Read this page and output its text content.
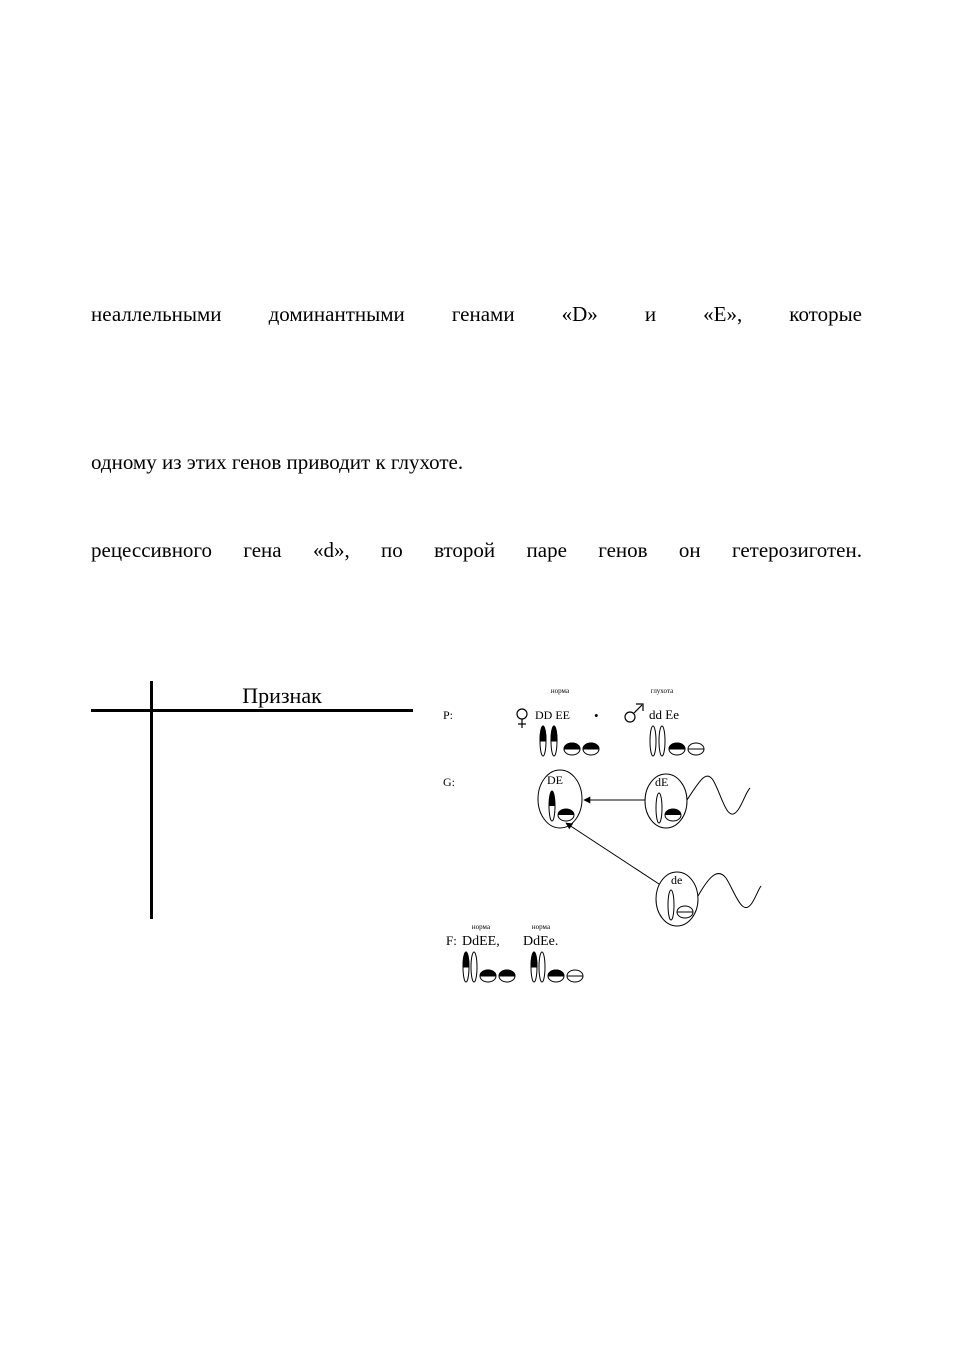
неаллельными доминантными генами «D» и «E», которые
одному из этих генов приводит к глухоте.
рецессивного гена «d», по второй паре генов он гетерозиготен.
Признак
P:
G:
норма
DD EE •
глухота
dd Ee
DE	dE
de
F:
норма
DdEE,
норма
DdEe.
